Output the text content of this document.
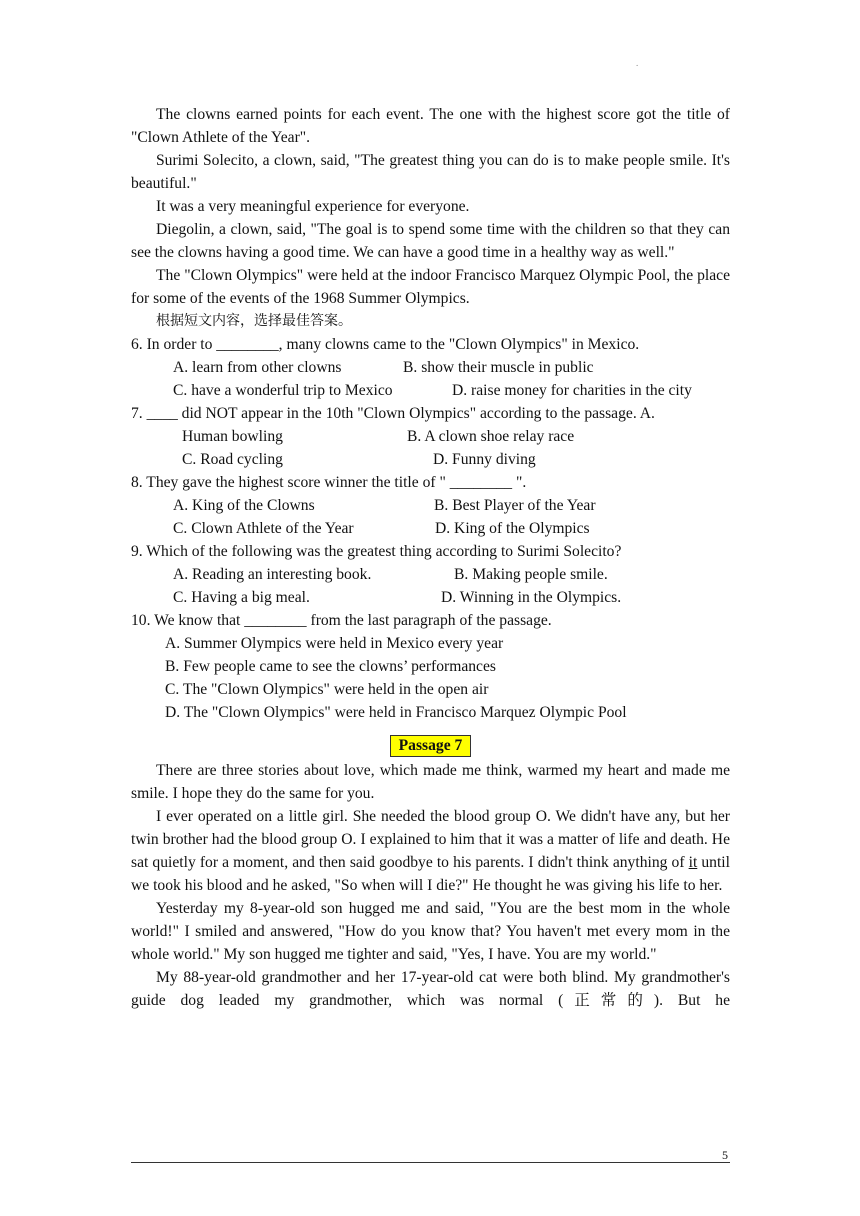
.

The clowns earned points for each event. The one with the highest score got the title of "Clown Athlete of the Year".

Surimi Solecito, a clown, said, "The greatest thing you can do is to make people smile. It's beautiful."

It was a very meaningful experience for everyone.

Diegolin, a clown, said, "The goal is to spend some time with the children so that they can see the clowns having a good time. We can have a good time in a healthy way as well."

The "Clown Olympics" were held at the indoor Francisco Marquez Olympic Pool, the place for some of the events of the 1968 Summer Olympics.

根据短文内容，选择最佳答案。

6. In order to ________, many clowns came to the "Clown Olympics" in Mexico.

A. learn from other clowns	B. show their muscle in public
C. have a wonderful trip to Mexico	D. raise money for charities in the city

7. ____ did NOT appear in the 10th "Clown Olympics" according to the passage. A.

Human bowling	B. A clown shoe relay race
C. Road cycling	D. Funny diving

8. They gave the highest score winner the title of " ________ ".

A. King of the Clowns	B. Best Player of the Year
C. Clown Athlete of the Year	D. King of the Olympics

9. Which of the following was the greatest thing according to Surimi Solecito?

A. Reading an interesting book.	B. Making people smile.
C. Having a big meal.	D. Winning in the Olympics.

10. We know that ________ from the last paragraph of the passage.

A. Summer Olympics were held in Mexico every year

B. Few people came to see the clowns’ performances

C. The "Clown Olympics" were held in the open air

D. The "Clown Olympics" were held in Francisco Marquez Olympic Pool

Passage 7

There are three stories about love, which made me think, warmed my heart and made me smile. I hope they do the same for you.

I ever operated on a little girl. She needed the blood group O. We didn't have any, but her twin brother had the blood group O. I explained to him that it was a matter of life and death. He sat quietly for a moment, and then said goodbye to his parents. I didn't think anything of it until we took his blood and he asked, "So when will I die?" He thought he was giving his life to her.

Yesterday my 8-year-old son hugged me and said, "You are the best mom in the whole world!" I smiled and answered, "How do you know that? You haven't met every mom in the whole world." My son hugged me tighter and said, "Yes, I have. You are my world."

My 88-year-old grandmother and her 17-year-old cat were both blind. My grandmother's guide dog leaded my grandmother, which was normal (正常的). But he

5
